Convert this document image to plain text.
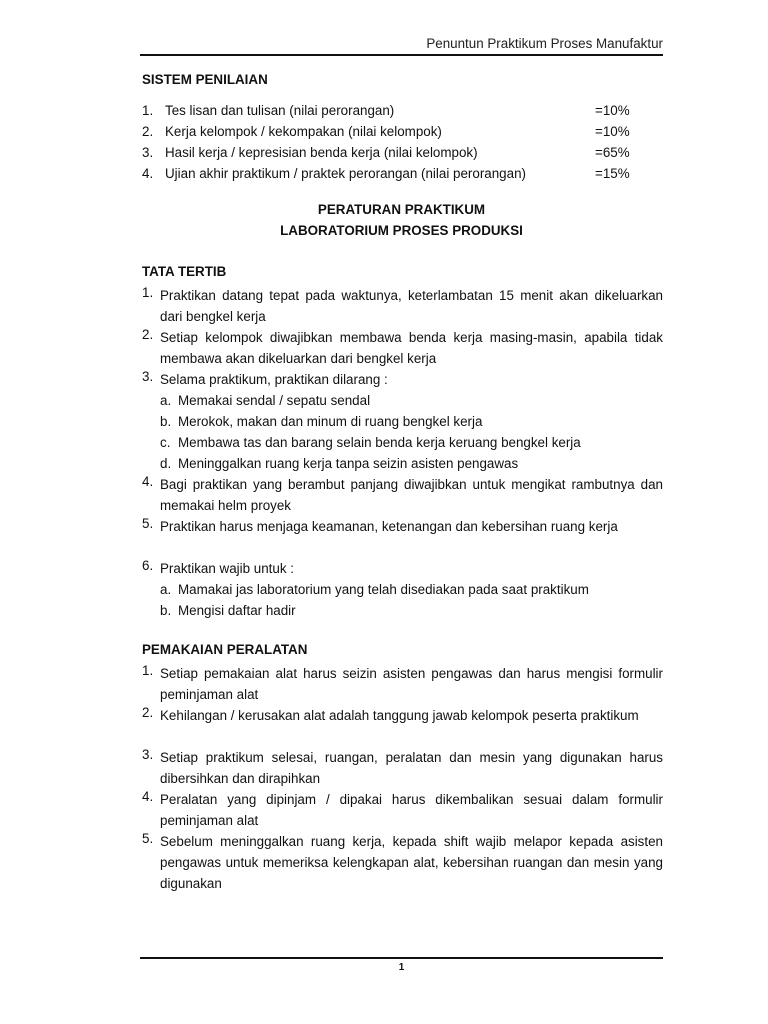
Penuntun Praktikum Proses Manufaktur
SISTEM PENILAIAN
1. Tes lisan dan tulisan (nilai perorangan)	=10%
2. Kerja kelompok / kekompakan (nilai kelompok)	=10%
3. Hasil kerja / kepresisian benda kerja (nilai kelompok)	=65%
4. Ujian akhir praktikum / praktek perorangan (nilai perorangan)	=15%
PERATURAN PRAKTIKUM
LABORATORIUM PROSES PRODUKSI
TATA TERTIB
1. Praktikan datang tepat pada waktunya, keterlambatan 15 menit akan dikeluarkan dari bengkel kerja
2. Setiap kelompok diwajibkan membawa benda kerja masing-masin, apabila tidak membawa akan dikeluarkan dari bengkel kerja
3. Selama praktikum, praktikan dilarang :
a. Memakai sendal / sepatu sendal
b. Merokok, makan dan minum di ruang bengkel kerja
c. Membawa tas dan barang selain benda kerja keruang bengkel kerja
d. Meninggalkan ruang kerja tanpa seizin asisten pengawas
4. Bagi praktikan yang berambut panjang diwajibkan untuk mengikat rambutnya dan memakai helm proyek
5. Praktikan harus menjaga keamanan, ketenangan dan kebersihan ruang kerja
6. Praktikan wajib untuk :
a. Mamakai jas laboratorium yang telah disediakan pada saat praktikum
b. Mengisi daftar hadir
PEMAKAIAN PERALATAN
1. Setiap pemakaian alat harus seizin asisten pengawas dan harus mengisi formulir peminjaman alat
2. Kehilangan / kerusakan alat adalah tanggung jawab kelompok peserta praktikum
3. Setiap praktikum selesai, ruangan, peralatan dan mesin yang digunakan harus dibersihkan dan dirapihkan
4. Peralatan yang dipinjam / dipakai harus dikembalikan sesuai dalam formulir peminjaman alat
5. Sebelum meninggalkan ruang kerja, kepada shift wajib melapor kepada asisten pengawas untuk memeriksa kelengkapan alat, kebersihan ruangan dan mesin yang digunakan
1
